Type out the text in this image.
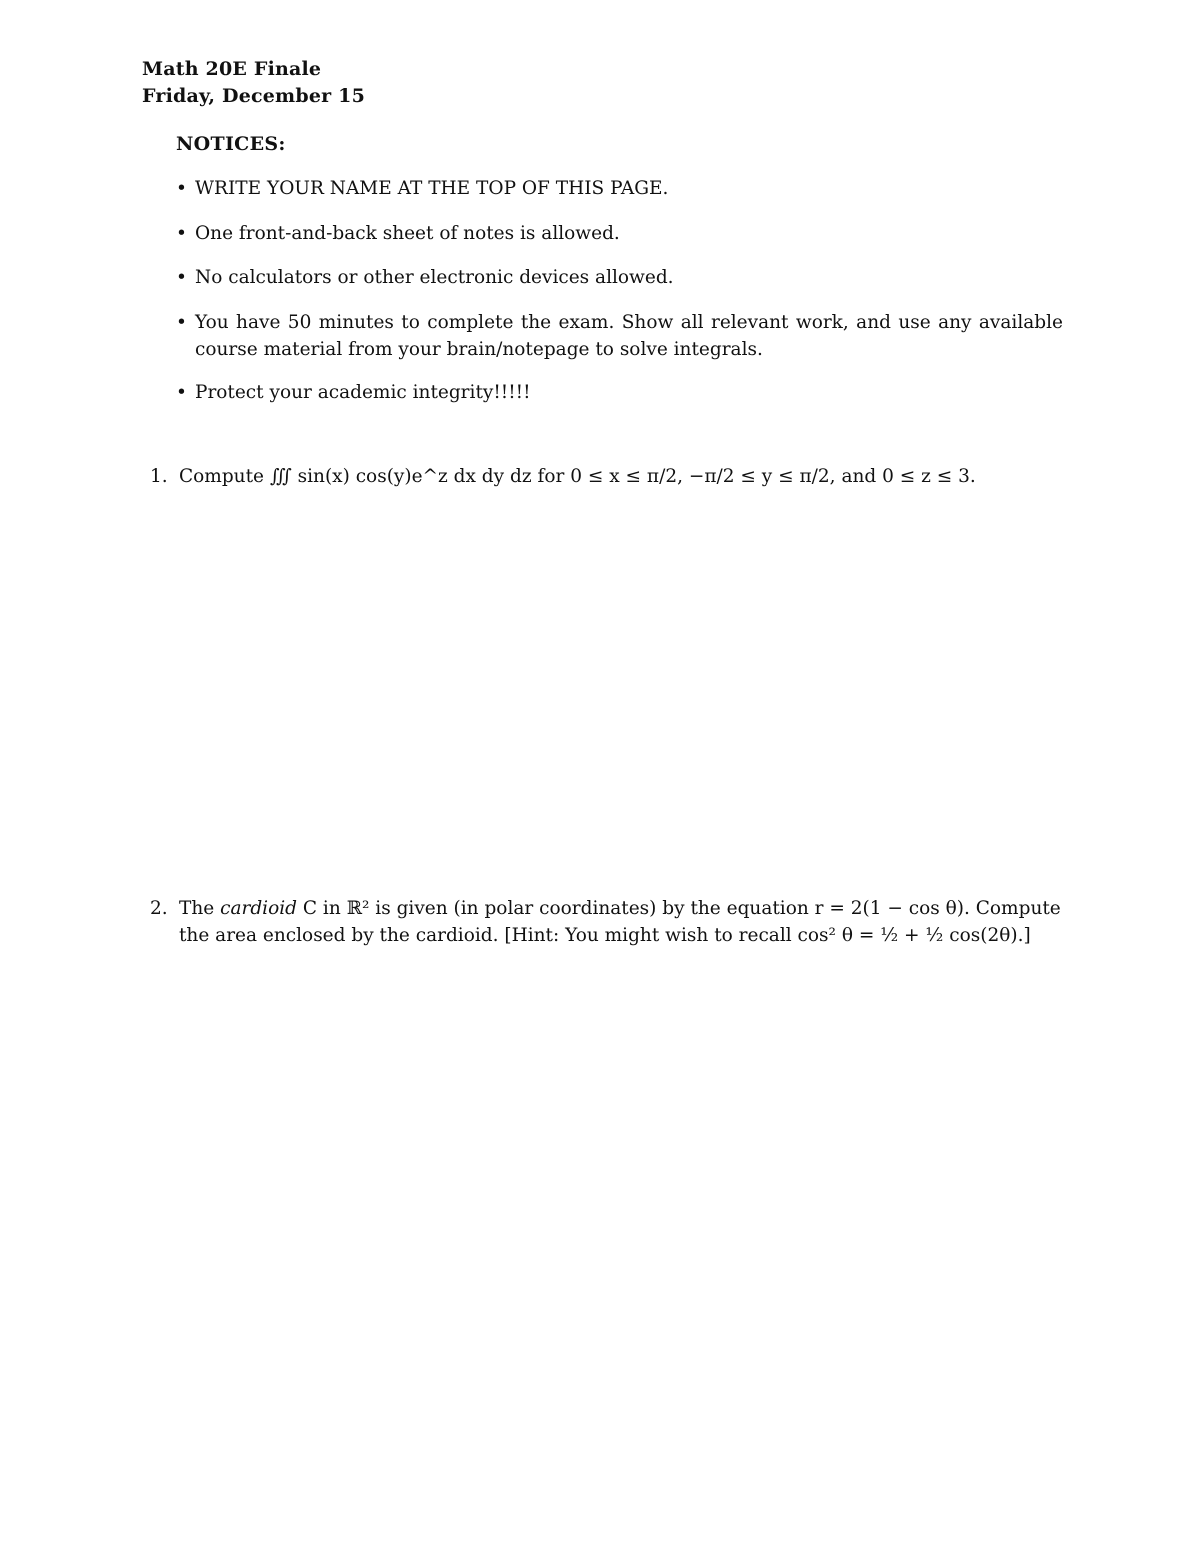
Math 20E Finale
Friday, December 15
NOTICES:
• WRITE YOUR NAME AT THE TOP OF THIS PAGE.
• One front-and-back sheet of notes is allowed.
• No calculators or other electronic devices allowed.
• You have 50 minutes to complete the exam. Show all relevant work, and use any available course material from your brain/notepage to solve integrals.
• Protect your academic integrity!!!!!
1. Compute ∭ sin(x) cos(y)e^z dx dy dz for 0 ≤ x ≤ π/2, −π/2 ≤ y ≤ π/2, and 0 ≤ z ≤ 3.
2. The cardioid C in ℝ² is given (in polar coordinates) by the equation r = 2(1 − cos θ). Compute
the area enclosed by the cardioid. [Hint: You might wish to recall cos² θ = ½ + ½ cos(2θ).]
